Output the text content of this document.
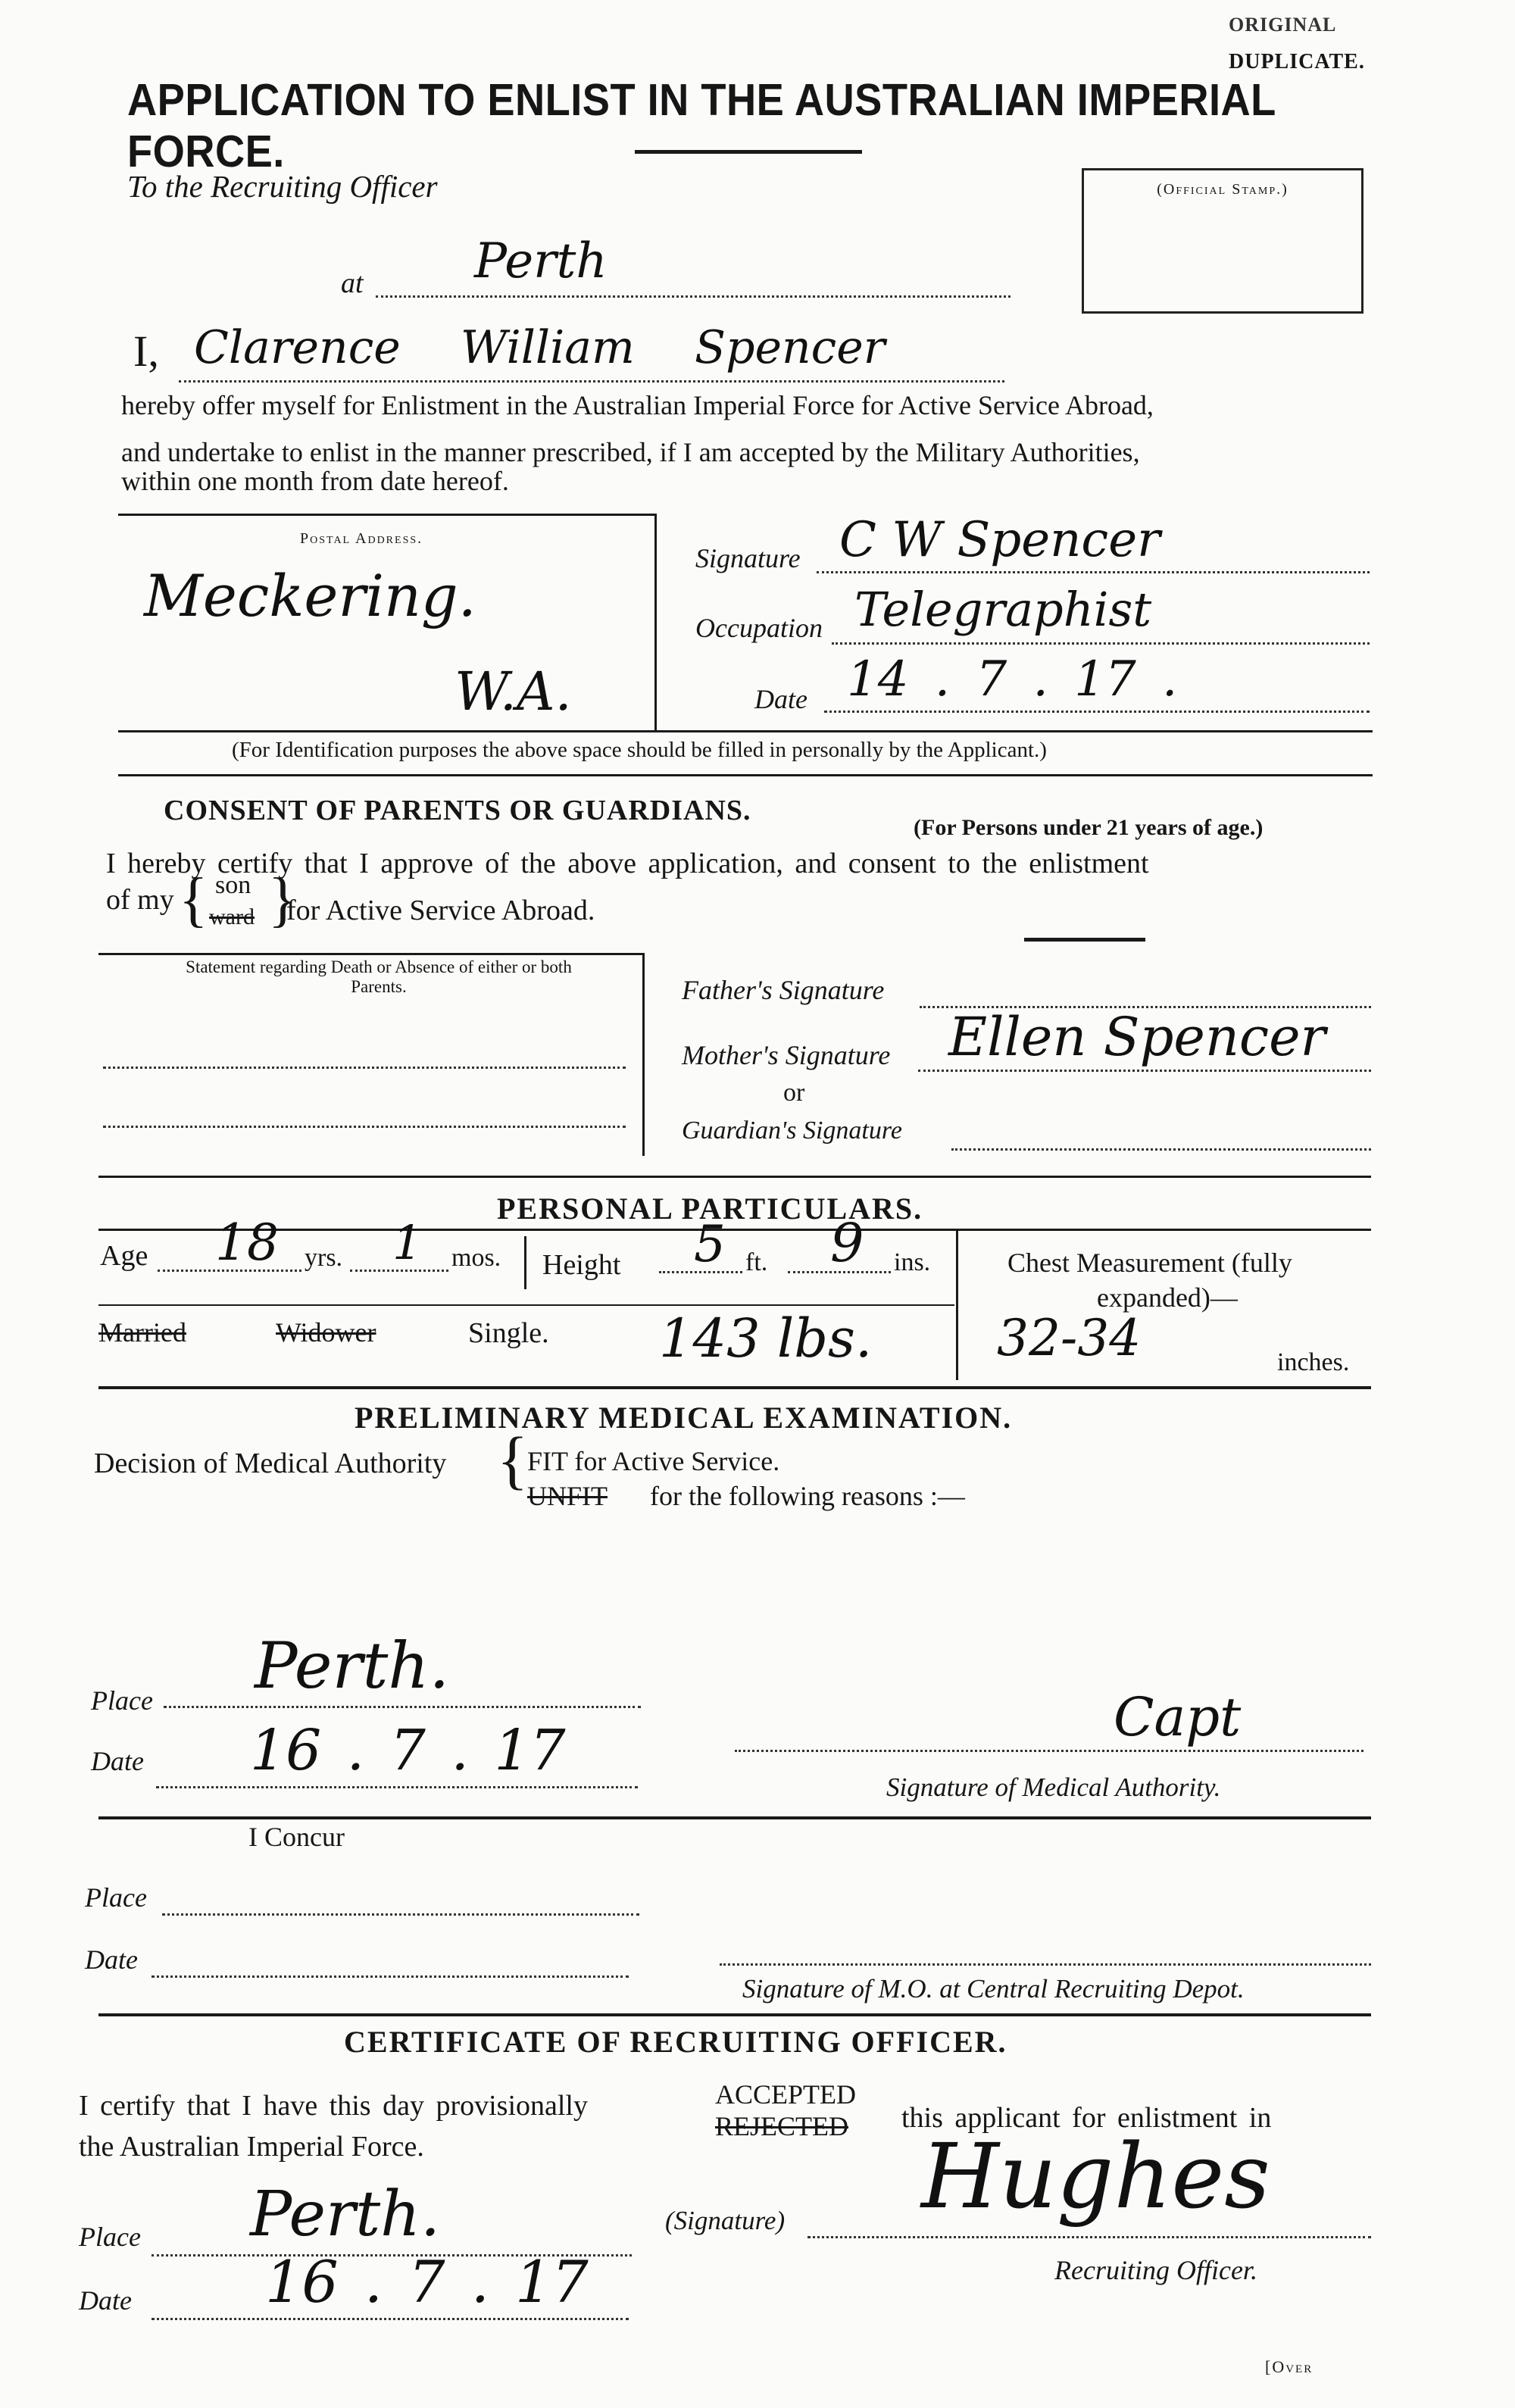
ORIGINAL
DUPLICATE.
APPLICATION TO ENLIST IN THE AUSTRALIAN IMPERIAL FORCE.
(Official Stamp.)
To the Recruiting Officer
at Perth
I, Clarence William Spencer
hereby offer myself for Enlistment in the Australian Imperial Force for Active Service Abroad,
and undertake to enlist in the manner prescribed, if I am accepted by the Military Authorities,
within one month from date hereof.
Postal Address.
Meckering.
W.A.
Signature C W Spencer
Occupation Telegraphist
Date 14 . 7 . 17 .
(For Identification purposes the above space should be filled in personally by the Applicant.)
CONSENT OF PARENTS OR GUARDIANS.
(For Persons under 21 years of age.)
I hereby certify that I approve of the above application, and consent to the enlistment
of my { son
ward }
for Active Service Abroad.
Statement regarding Death or Absence of either or both Parents.	Father's Signature
Mother's Signature Ellen Spencer
or
Guardian's Signature
PERSONAL PARTICULARS.
Age 18 yrs. 1 mos. Height 5 ft. 9 ins.	Chest Measurement (fully
expanded)—
Married	Widower	Single. 143 lbs. 32-34	inches.
PRELIMINARY MEDICAL EXAMINATION.
Decision of Medical Authority {
FIT for Active Service.
UNFIT for the following reasons :—
Place Perth.
Date 16 . 7 . 17
Capt
Signature of Medical Authority.
I Concur
Place
Date
Signature of M.O. at Central Recruiting Depot.
CERTIFICATE OF RECRUITING OFFICER.
I certify that I have this day provisionally	ACCEPTED
REJECTED this applicant for enlistment in
the Australian Imperial Force.
Place Perth.
Date 16 . 7 . 17
(Signature) Hughes
Recruiting Officer.
[Over
